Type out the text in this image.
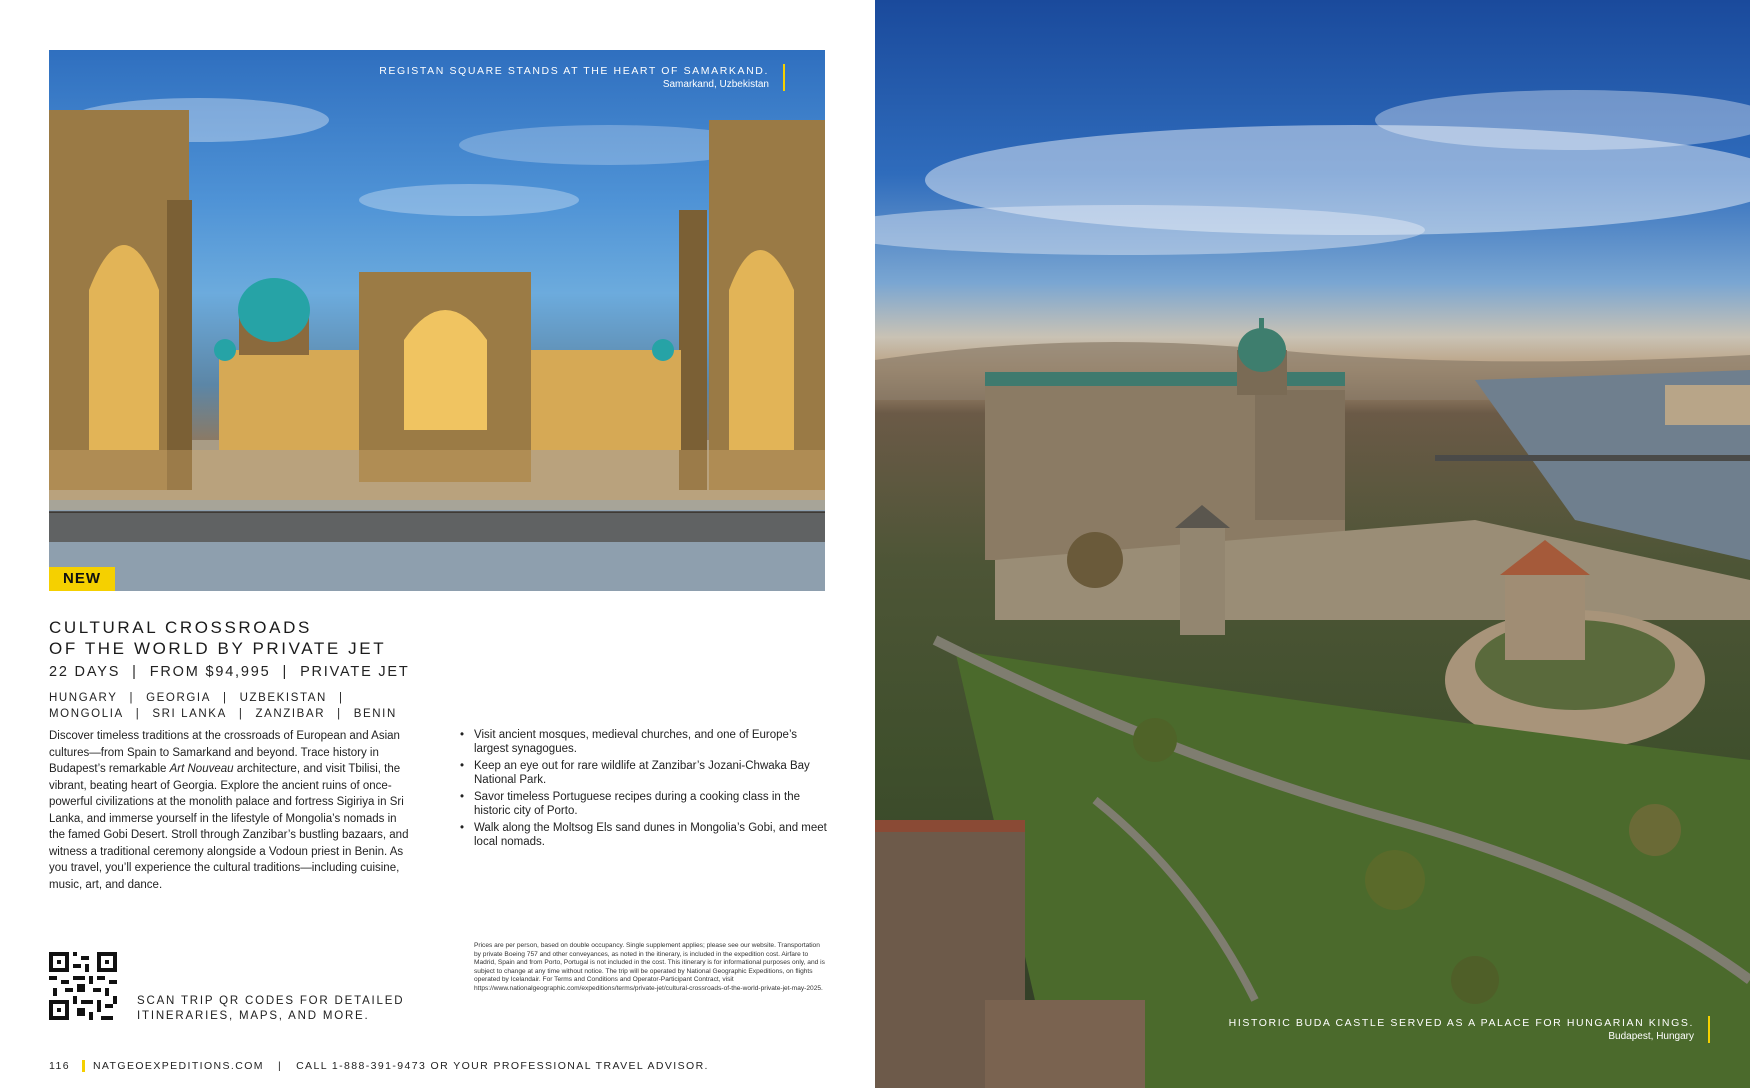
REGISTAN SQUARE STANDS AT THE HEART OF SAMARKAND.
Samarkand, Uzbekistan
NEW
CULTURAL CROSSROADS
OF THE WORLD BY PRIVATE JET
22 DAYS | FROM $94,995 | PRIVATE JET
HUNGARY | GEORGIA | UZBEKISTAN |
MONGOLIA | SRI LANKA | ZANZIBAR | BENIN
Discover timeless traditions at the crossroads of European and Asian cultures—from Spain to Samarkand and beyond. Trace history in Budapest’s remarkable Art Nouveau architecture, and visit Tbilisi, the vibrant, beating heart of Georgia. Explore the ancient ruins of once-powerful civilizations at the monolith palace and fortress Sigiriya in Sri Lanka, and immerse yourself in the lifestyle of Mongolia’s nomads in the famed Gobi Desert. Stroll through Zanzibar’s bustling bazaars, and witness a traditional ceremony alongside a Vodoun priest in Benin. As you travel, you’ll experience the cultural traditions—including cuisine, music, art, and dance.
• Visit ancient mosques, medieval churches, and one of Europe’s largest synagogues.
• Keep an eye out for rare wildlife at Zanzibar’s Jozani-Chwaka Bay National Park.
• Savor timeless Portuguese recipes during a cooking class in the historic city of Porto.
• Walk along the Moltsog Els sand dunes in Mongolia’s Gobi, and meet local nomads.
SCAN TRIP QR CODES FOR DETAILED
ITINERARIES, MAPS, AND MORE.
Prices are per person, based on double occupancy. Single supplement applies; please see our website. Transportation by private Boeing 757 and other conveyances, as noted in the itinerary, is included in the expedition cost. Airfare to Madrid, Spain and from Porto, Portugal is not included in the cost. This itinerary is for informational purposes only, and is subject to change at any time without notice. The trip will be operated by National Geographic Expeditions, on flights operated by Icelandair. For Terms and Conditions and Operator-Participant Contract, visit https://www.nationalgeographic.com/expeditions/terms/private-jet/cultural-crossroads-of-the-world-private-jet-may-2025.
116 NATGEOEXPEDITIONS.COM	|	CALL 1-888-391-9473 OR YOUR PROFESSIONAL TRAVEL ADVISOR.
HISTORIC BUDA CASTLE SERVED AS A PALACE FOR HUNGARIAN KINGS.
Budapest, Hungary
